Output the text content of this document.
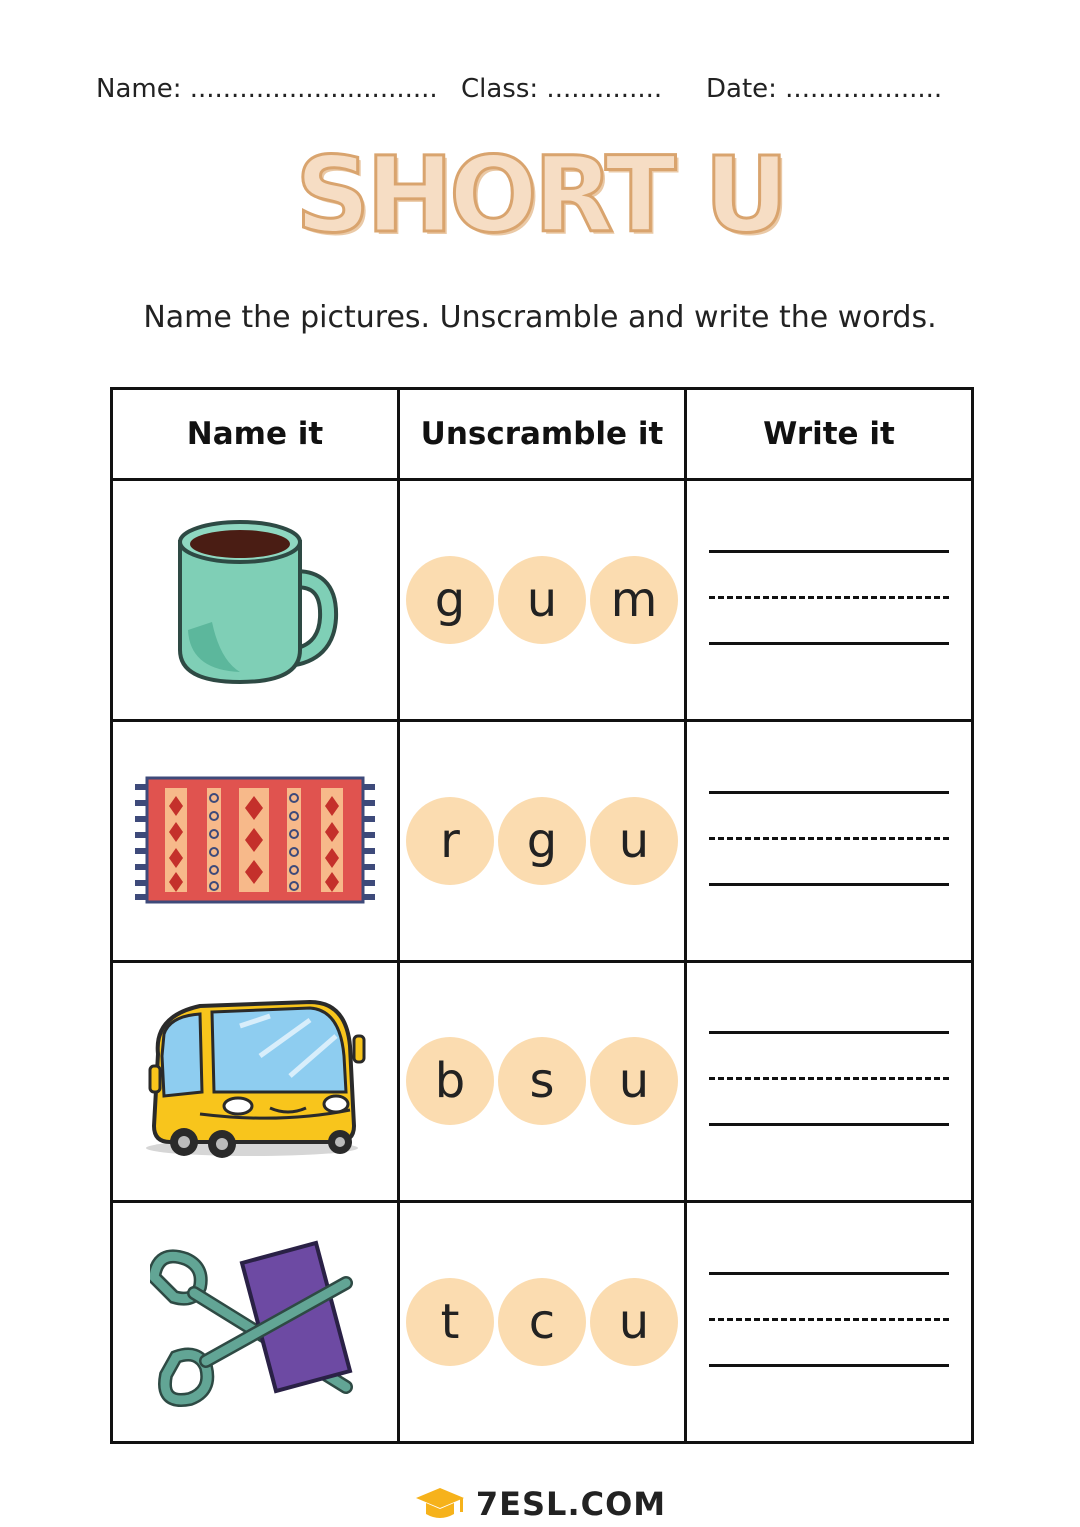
Name: .............................. Class: .............. Date: ...................
SHORT U
Name the pictures. Unscramble and write the words.
Name it	Unscramble it	Write it

g u m	

r g u	

b s u	

t c u	

7ESL.COM
